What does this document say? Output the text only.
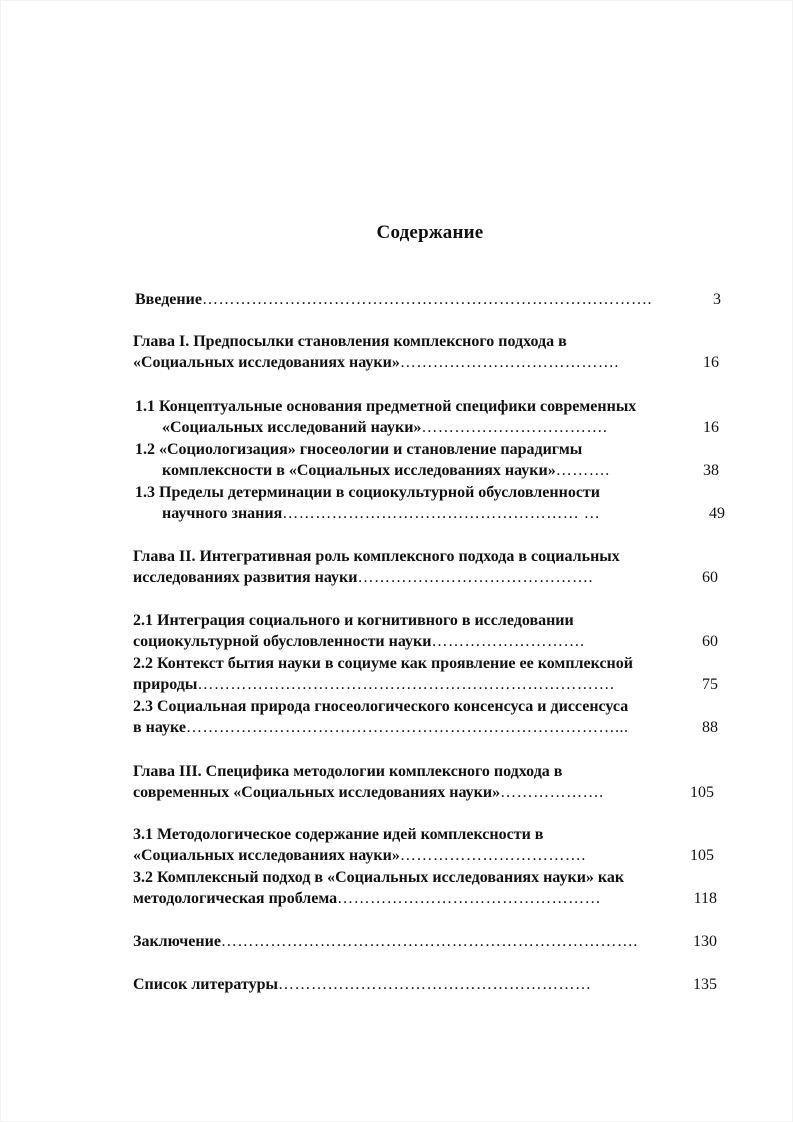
Содержание
Введение……………………………………………………………………….	3
Глава I. Предпосылки становления комплексного подхода в
«Социальных исследованиях науки»………………………………….	16
1.1 Концептуальные основания предметной специфики современных
«Социальных исследований науки»…………………………….	16
1.2 «Социологизация» гносеологии и становление парадигмы
комплексности в «Социальных исследованиях науки»……….	38
1.3 Пределы детерминации в социокультурной обусловленности
научного знания……………………………………………… …	49
Глава II. Интегративная роль комплексного подхода в социальных
исследованиях развития науки…………………………………….	60
2.1 Интеграция социального и когнитивного в исследовании
социокультурной обусловленности науки……………………….	60
2.2 Контекст бытия науки в социуме как проявление ее комплексной
природы………………………………………………………………….	75
2.3 Социальная природа гносеологического консенсуса и диссенсуса
в науке……………………………………………………………………...	88
Глава III. Специфика методологии комплексного подхода в
современных «Социальных исследованиях науки»……………….	105
3.1 Методологическое содержание идей комплексности в
«Социальных исследованиях науки»…………………………….	105
3.2 Комплексный подход в «Социальных исследованиях науки» как
методологическая проблема…………………………………………	118
Заключение………………………………………………………………….	130
Список литературы…………………………………………………	135
